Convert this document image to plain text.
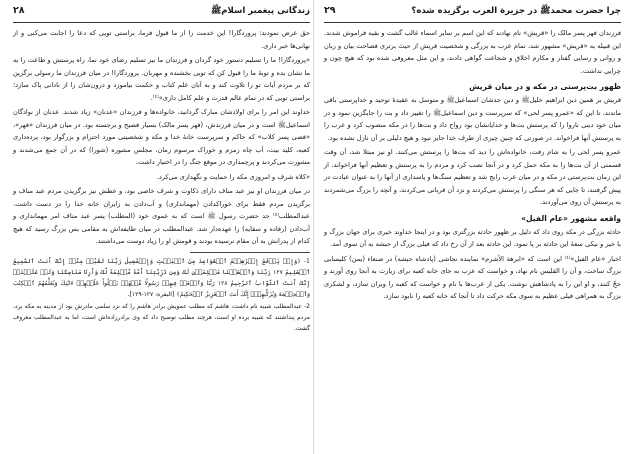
زندگانی پیغمبر اسلامﷺ
۲۸

حق عرض نمودند: پروردگارا! این خدمت را از ما قبول فرما، براستی تویی که دعا را اجابت می‌کنی و از نهانی‌ها خبر داری.

«پروردگارا! ما را تسلیم دستور خود گردان و فرزندان ما نیز تسلیم رضای خود نما، راه پرستش و طاعت را به ما نشان بده و توبهٔ ما را قبول کن که تویی بخشنده و مهربان. پروردگارا! در میان فرزندان ما رسولی برگزین که بر مردم آیات تو را تلاوت کند و به آنان علم کتاب و حکمت بیاموزد و درون‌شان را از نادانی پاک سازد؛ براستی تویی که در تمام عالم قدرت و علم کامل داری»⁽¹⁾.

خداوند این امر را برای اولادشان مبارک گردانید، خانواده‌ها و فرزندان «عدنان» زیاد شدند. عدنان از نوادگان اسماعیلﷺ است و در میان فرزندش، (فهر پسر مالک) بسیار فصیح و برجسته بود. در میان فرزندان «فهر»، «قصی پسر کلاب» که حاکم و سرپرست خانهٔ خدا و مکه و شخصیتی مورد احترام و بزرگوار بود، پرده‌داری کعبه، کلید بیت، آب چاه زمزم و خوراک مرسوم زمان، مجلس مشوره (شورا) که در آن جمع می‌شدند و مشورت می‌کردند و پرچمداری در موقع جنگ را در اختیار داشت.

«کلاه شرف و امروزی مکه را حمایت و نگهداری می‌کرد.

در میان فرزندان او نیز عبد مناف دارای ذکاوت و شرف خاصی بود، و عطش نیز برگزیدن مردم عبد مناف و برگزیدن مردم فقط برای خوراکدادن (مهمانداری) و آب‌دادن به زایران خانه خدا را در دست داشت. عبدالمطلب⁽²⁾ جد حضرت رسول ﷺ است که به عموی خود (المطلب) پسر عبد مناف امر مهمانداری و آب‌دادن (رفاده و سقایه) را عهده‌دار شد. عبدالمطلب در میان طایفه‌اش به مقامی بس بزرگ رسید که هیچ کدام از پدرانش به آن مقام نرسیده بودند و قومش او را زیاد دوست می‌داشتند.

1- ﴿وَإِذۡ يَرۡفَعُ إِبۡرَٰهِـۧمُ ٱلۡقَوَاعِدَ مِنَ ٱلۡبَيۡتِ وَإِسۡمَٰعِيلُ رَبَّنَا تَقَبَّلۡ مِنَّآۖ إِنَّكَ أَنتَ ٱلسَّمِيعُ ٱلۡعَلِيمُ ١٢٧ رَبَّنَا وَٱجۡعَلۡنَا مُسۡلِمَيۡنِ لَكَ وَمِن ذُرِّيَّتِنَآ أُمَّةٗ مُّسۡلِمَةٗ لَّكَ وَأَرِنَا مَنَاسِكَنَا وَتُبۡ عَلَيۡنَآۖ إِنَّكَ أَنتَ ٱلتَّوَّابُ ٱلرَّحِيمُ ١٢٨ رَبَّنَا وَٱبۡعَثۡ فِيهِمۡ رَسُولٗا مِّنۡهُمۡ يَتۡلُواْ عَلَيۡهِمۡ ءَايَٰتِكَ وَيُعَلِّمُهُمُ ٱلۡكِتَٰبَ وَٱلۡحِكۡمَةَ وَيُزَكِّيهِمۡۖ إِنَّكَ أَنتَ ٱلۡعَزِيزُ ٱلۡحَكِيمُ﴾ [البقرة: ١٢٧-١٢٩].

2- عبدالمطلب شیبه نام داشت، هاشم که مطلب عمویش برادر هاشم را که نزد سلمی مادرش بود از مدینه به مکه برد، مردم پنداشتند که شیبه برده او است، هرچند مطلب توضیح داد که وی برادرزاده‌اش است، اما به عبدالمطلب معروف گشت.

چرا حضرت محمدﷺ در جزیرة العرب برگزیده شده؟
۲۹

فرزندان فهر پسر مالک را «قریش» نام نهادند که این اسم بر سایر اسماء غالب گشت و بقیه فراموش شدند. این قبیله به «قریش» مشهور شد، تمام عرب به بزرگی و شخصیت قریش از حیث برتری فصاحت بیان و زبان و روانی و رسایی گفتار و مکارم اخلاق و شجاعت گواهی دادند، و این مثل معروفی شده بود که هیچ چون و چرایی نداشت.

ظهور بت‌پرستی در مکه و در میان قریش

قریش بر همین دین ابراهیم خلیلﷺ و دین جدشان اسماعیلﷺ و متوسل به عقیدهٔ توحید و خداپرستی باقی ماندند، تا این که «عمرو پسر لحی» که سرپرست و دین اسماعیلﷺ را تغییر داد و بت را جایگزین نمود و در میان خود دینی ناروا را که پرستش بت‌ها و خدایانشان بود رواج داد و بت‌ها را در مکه منصوب کرد و عرب را به پرستش آنها فراخواند. در صورتی که چنین چیزی از طرف خدا جایز نبود و هیچ دلیلی بر آن نازل نشده بود.

عمرو پسر لحی را به شام رفت، خانواده‌اش را دید که بت‌ها را پرستش می‌کنند. او نیز مبتلا شد، آن وقت قسمتی از آن بت‌ها را به مکه حمل کرد و در آنجا نصب کرد و مردم را به پرستش و تعظیم آنها فراخواند. از این زمان بت‌پرستی در مکه و در میان عرب رایج شد و تعظیم سنگ‌ها و پاسداری از آنها را به عنوان عبادت در پیش گرفتند، تا جایی که هر سنگی را پرستش می‌کردند و نزد آن قربانی می‌کردند، و آنچه را بزرگ می‌شمردند به پرستش آن روی می‌آوردند.

واقعه مشهور «عام الفیل»

حادثه بزرگی در مکه روی داد که دلیل بر ظهور حادثه بزرگتری بود و در اینجا خداوند خیری برای جهان بزرگ و با خیر و نیکی سعهٔ این حادثه بر پا نمود. این حادثه بعد از آن رخ داد که فیلی بزرگ از حبشه به آن سوی آمد.

اخبار «عام الفیل»⁽¹⁾ این است که «ابرهة الأشرم» نماینده نجاشی (پادشاه حبشه) در صنعاء (یمن) کلیسایی بزرگ ساخت، و آن را القلیس نام نهاد، و خواست که عرب به جای خانه کعبه برای زیارت به آنجا روی آورند و حجّ کنند، و او این را به پادشاهش نوشت. یکی از عرب‌ها با نام و خواست که کعبه را ویران سازد، و لشکری بزرگ به همراهی فیلی عظیم به سوی مکه حرکت داد تا آنجا که خانه کعبه را نابود سازد.
